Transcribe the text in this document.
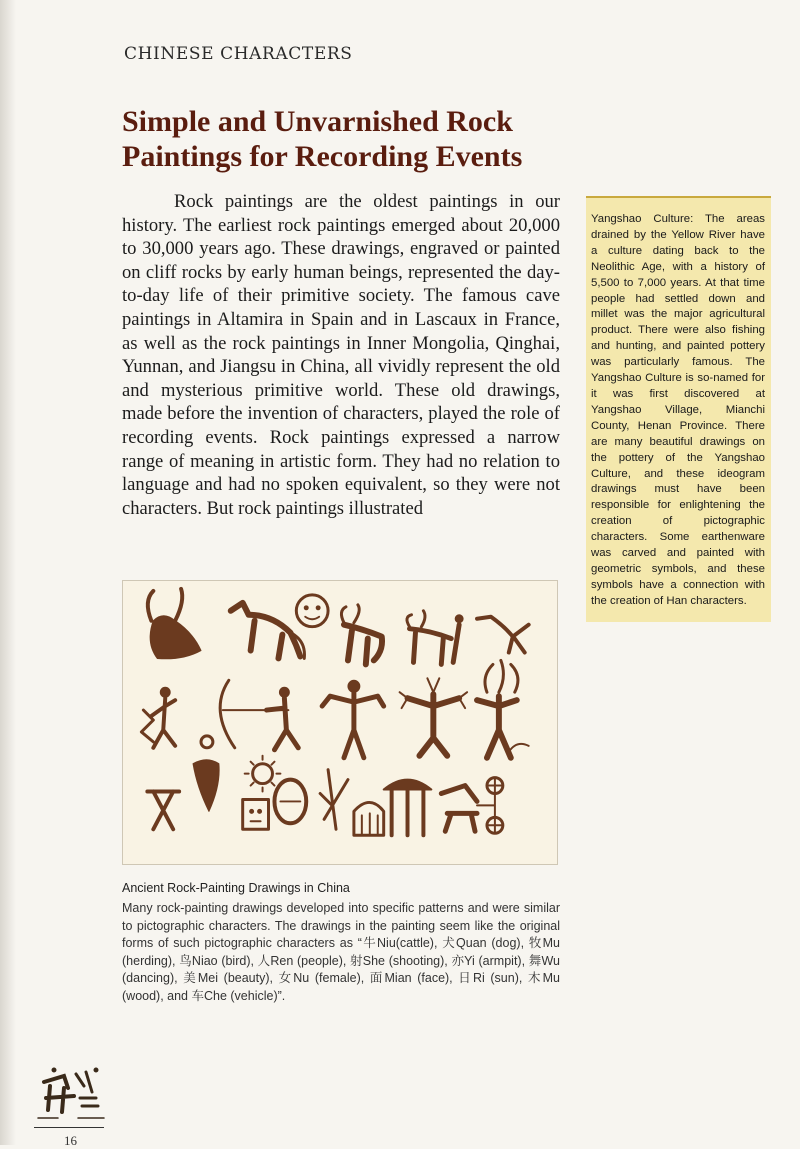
CHINESE CHARACTERS
Simple and Unvarnished Rock Paintings for Recording Events
Rock paintings are the oldest paintings in our history. The earliest rock paintings emerged about 20,000 to 30,000 years ago. These drawings, engraved or painted on cliff rocks by early human beings, represented the day-to-day life of their primitive society. The famous cave paintings in Altamira in Spain and in Lascaux in France, as well as the rock paintings in Inner Mongolia, Qinghai, Yunnan, and Jiangsu in China, all vividly represent the old and mysterious primitive world. These old drawings, made before the invention of characters, played the role of recording events. Rock paintings expressed a narrow range of meaning in artistic form. They had no relation to language and had no spoken equivalent, so they were not characters. But rock paintings illustrated
Yangshao Culture: The areas drained by the Yellow River have a culture dating back to the Neolithic Age, with a history of 5,500 to 7,000 years. At that time people had settled down and millet was the major agricultural product. There were also fishing and hunting, and painted pottery was particularly famous. The Yangshao Culture is so-named for it was first discovered at Yangshao Village, Mianchi County, Henan Province. There are many beautiful drawings on the pottery of the Yangshao Culture, and these ideogram drawings must have been responsible for enlightening the creation of pictographic characters. Some earthenware was carved and painted with geometric symbols, and these symbols have a connection with the creation of Han characters.
Ancient Rock-Painting Drawings in China
Many rock-painting drawings developed into specific patterns and were similar to pictographic characters. The drawings in the painting seem like the original forms of such pictographic characters as “牛Niu(cattle), 犬Quan (dog), 牧Mu (herding), 鸟Niao (bird), 人Ren (people), 射She (shooting), 亦Yi (armpit), 舞Wu (dancing), 美Mei (beauty), 女Nu (female), 面Mian (face), 日Ri (sun), 木Mu (wood), and 车Che (vehicle)”.
16
